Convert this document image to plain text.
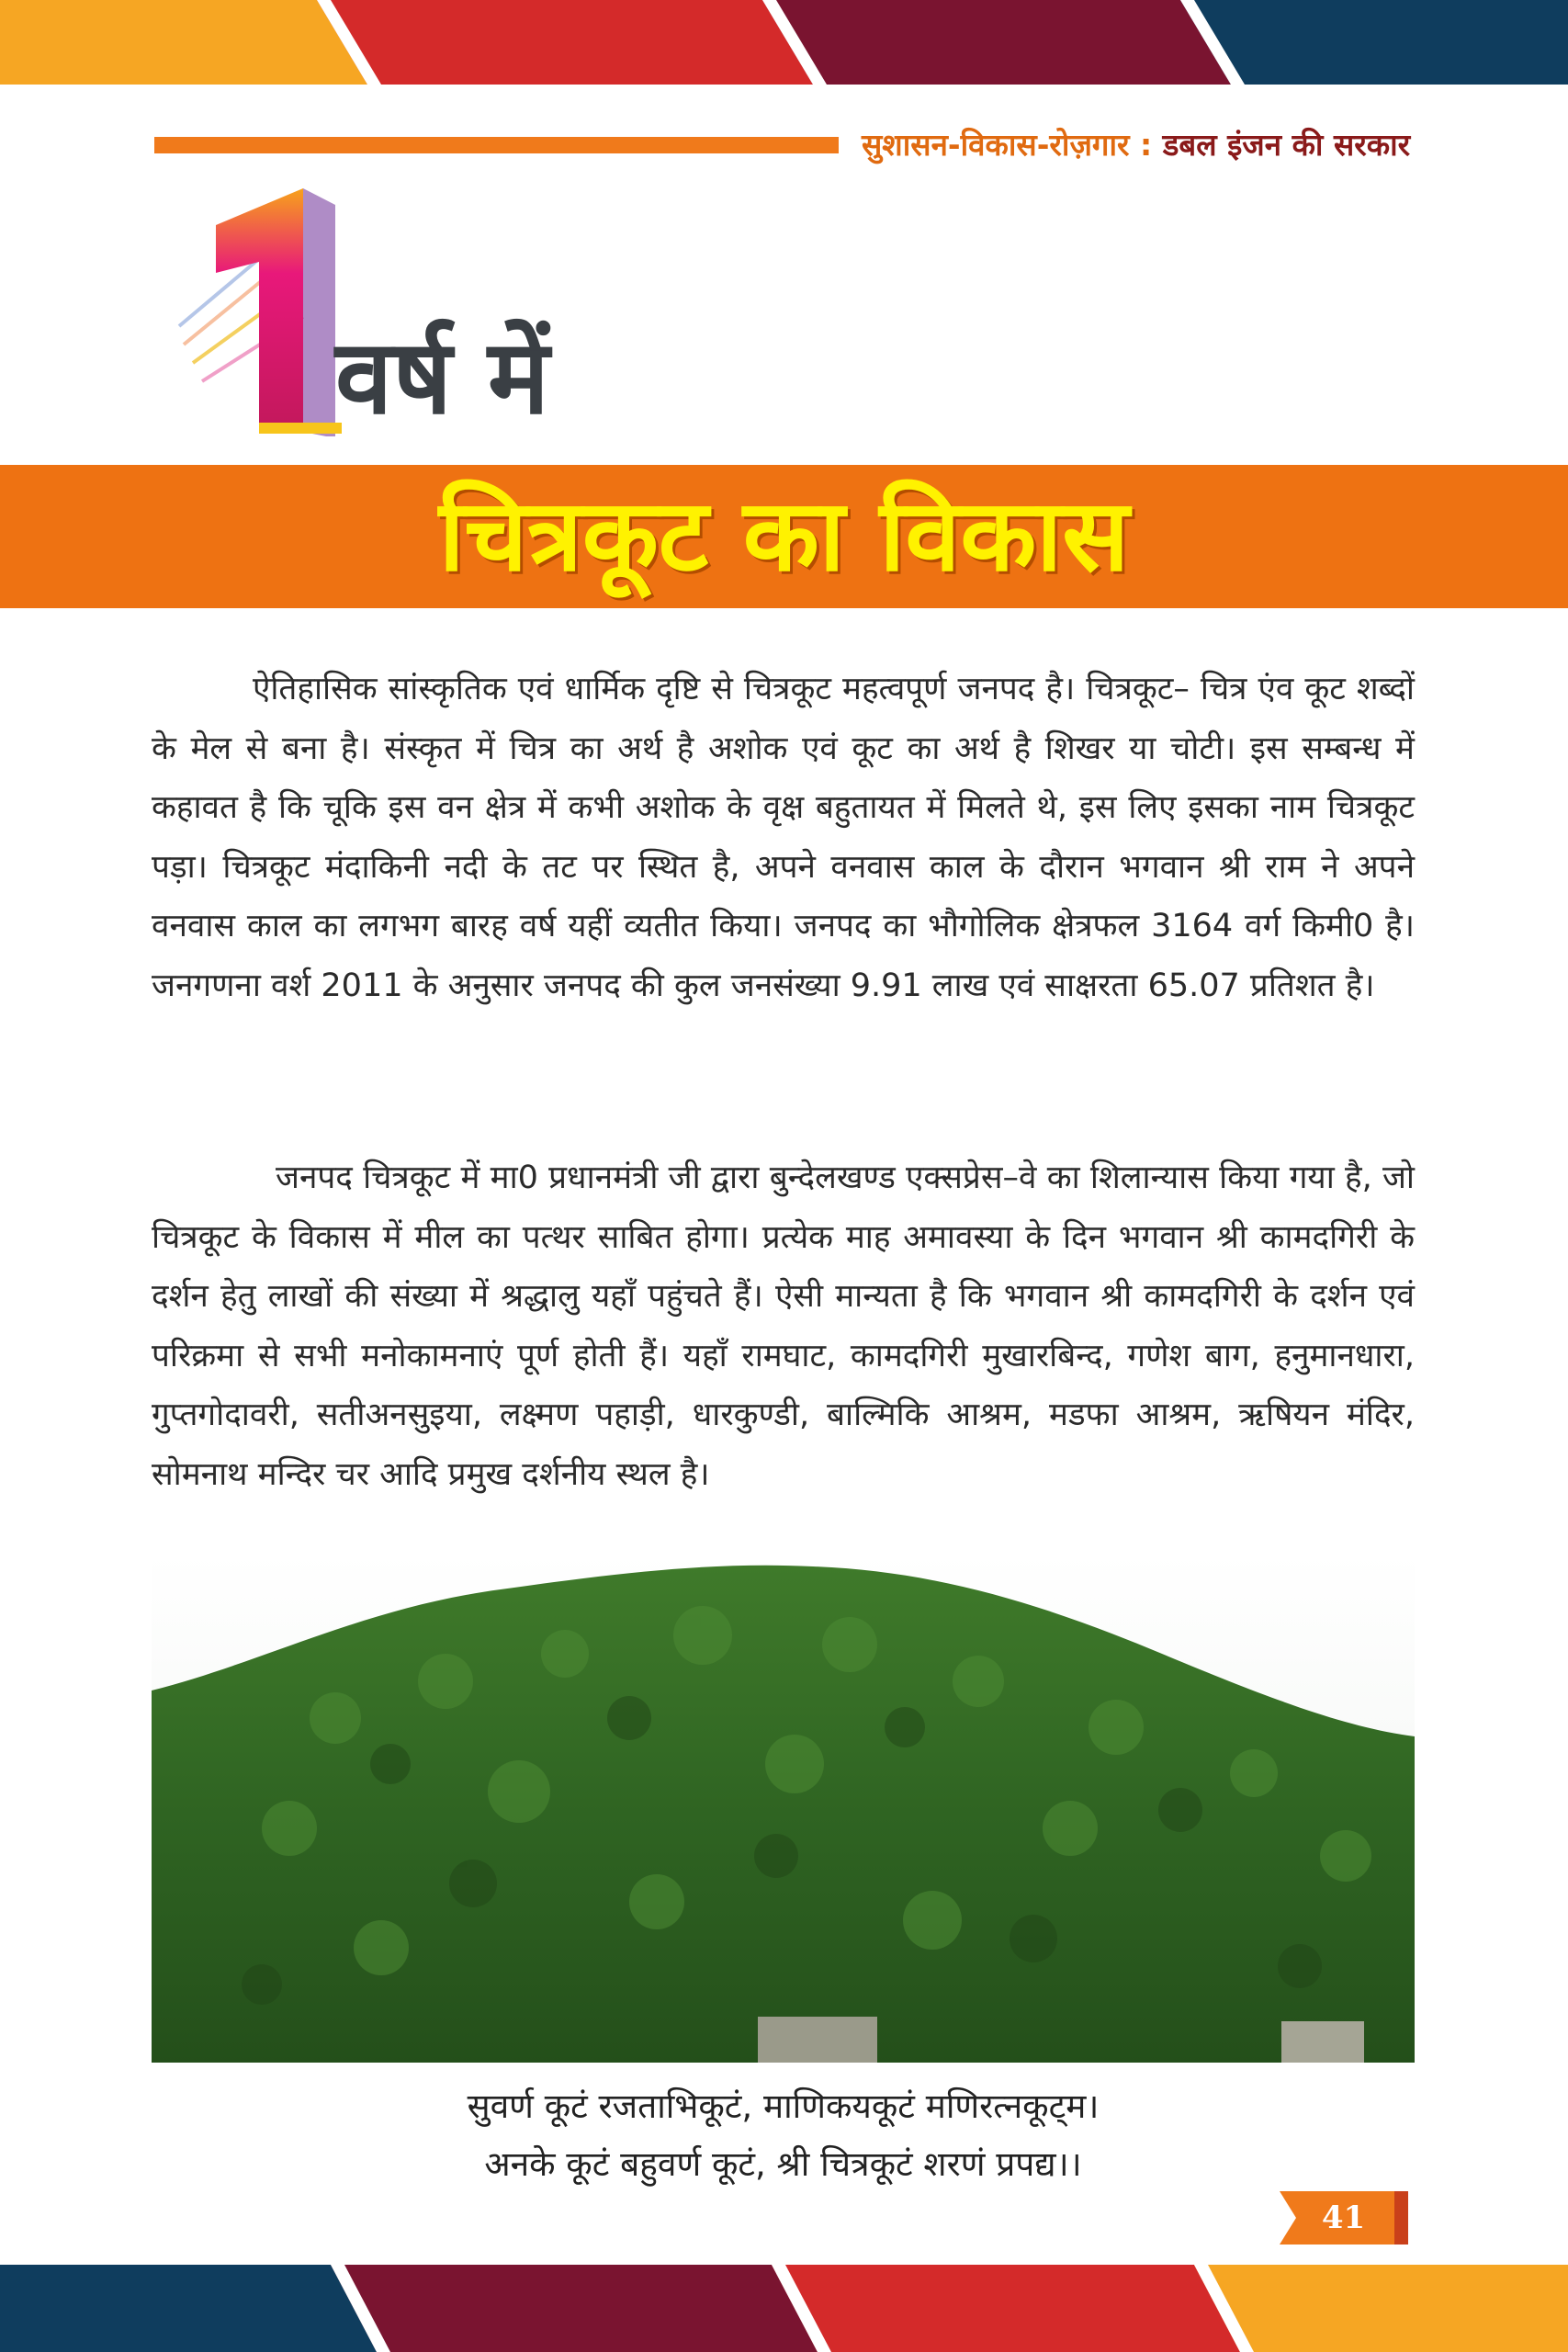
सुशासन-विकास-रोज़गार : डबल इंजन की सरकार
वर्ष में
चित्रकूट का विकास

ऐतिहासिक सांस्कृतिक एवं धार्मिक दृष्टि से चित्रकूट महत्वपूर्ण जनपद है। चित्रकूट– चित्र एंव कूट शब्दों के मेल से बना है। संस्कृत में चित्र का अर्थ है अशोक एवं कूट का अर्थ है शिखर या चोटी। इस सम्बन्ध में कहावत है कि चूकि इस वन क्षेत्र में कभी अशोक के वृक्ष बहुतायत में मिलते थे, इस लिए इसका नाम चित्रकूट पड़ा। चित्रकूट मंदाकिनी नदी के तट पर स्थित है, अपने वनवास काल के दौरान भगवान श्री राम ने अपने वनवास काल का लगभग बारह वर्ष यहीं व्यतीत किया। जनपद का भौगोलिक क्षेत्रफल 3164 वर्ग किमी0 है। जनगणना वर्श 2011 के अनुसार जनपद की कुल जनसंख्या 9.91 लाख एवं साक्षरता 65.07 प्रतिशत है।

जनपद चित्रकूट में मा0 प्रधानमंत्री जी द्वारा बुन्देलखण्ड एक्सप्रेस–वे का शिलान्यास किया गया है, जो चित्रकूट के विकास में मील का पत्थर साबित होगा। प्रत्येक माह अमावस्या के दिन भगवान श्री कामदगिरी के दर्शन हेतु लाखों की संख्या में श्रद्धालु यहाँ पहुंचते हैं। ऐसी मान्यता है कि भगवान श्री कामदगिरी के दर्शन एवं परिक्रमा से सभी मनोकामनाएं पूर्ण होती हैं। यहाँ रामघाट, कामदगिरी मुखारबिन्द, गणेश बाग, हनुमानधारा, गुप्तगोदावरी, सतीअनसुइया, लक्ष्मण पहाड़ी, धारकुण्डी, बाल्मिकि आश्रम, मडफा आश्रम, ऋषियन मंदिर, सोमनाथ मन्दिर चर आदि प्रमुख दर्शनीय स्थल है।

सुवर्ण कूटं रजताभिकूटं, माणिकयकूटं मणिरत्नकूट्म।
अनके कूटं बहुवर्ण कूटं, श्री चित्रकूटं शरणं प्रपद्य।।
41
